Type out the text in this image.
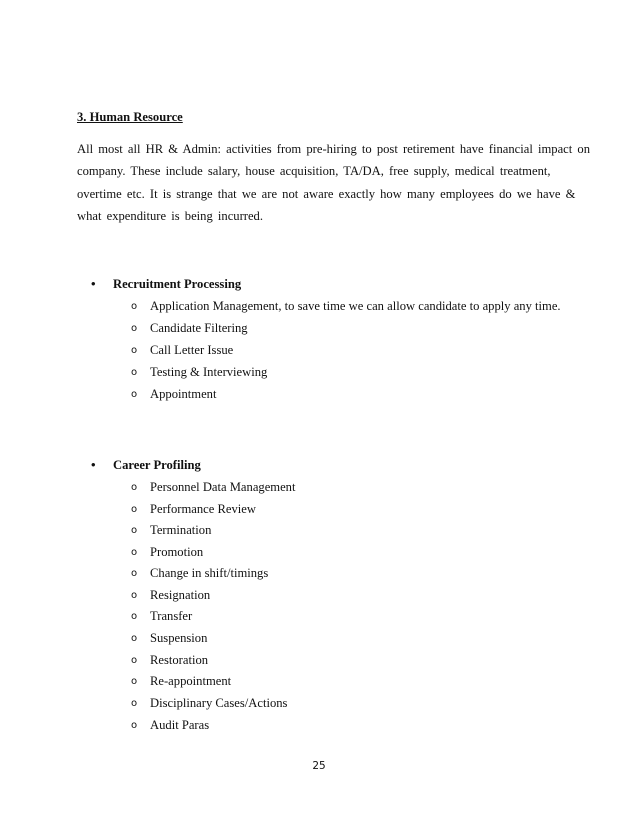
3. Human Resource

All most all HR & Admin: activities from pre-hiring to post retirement have financial impact on
company. These include salary, house acquisition, TA/DA, free supply, medical treatment,
overtime etc. It is strange that we are not aware exactly how many employees do we have &
what expenditure is being incurred.

• Recruitment Processing
o Application Management, to save time we can allow candidate to apply any time.
o Candidate Filtering
o Call Letter Issue
o Testing & Interviewing
o Appointment
• Career Profiling
o Personnel Data Management
o Performance Review
o Termination
o Promotion
o Change in shift/timings
o Resignation
o Transfer
o Suspension
o Restoration
o Re-appointment
o Disciplinary Cases/Actions
o Audit Paras
25
